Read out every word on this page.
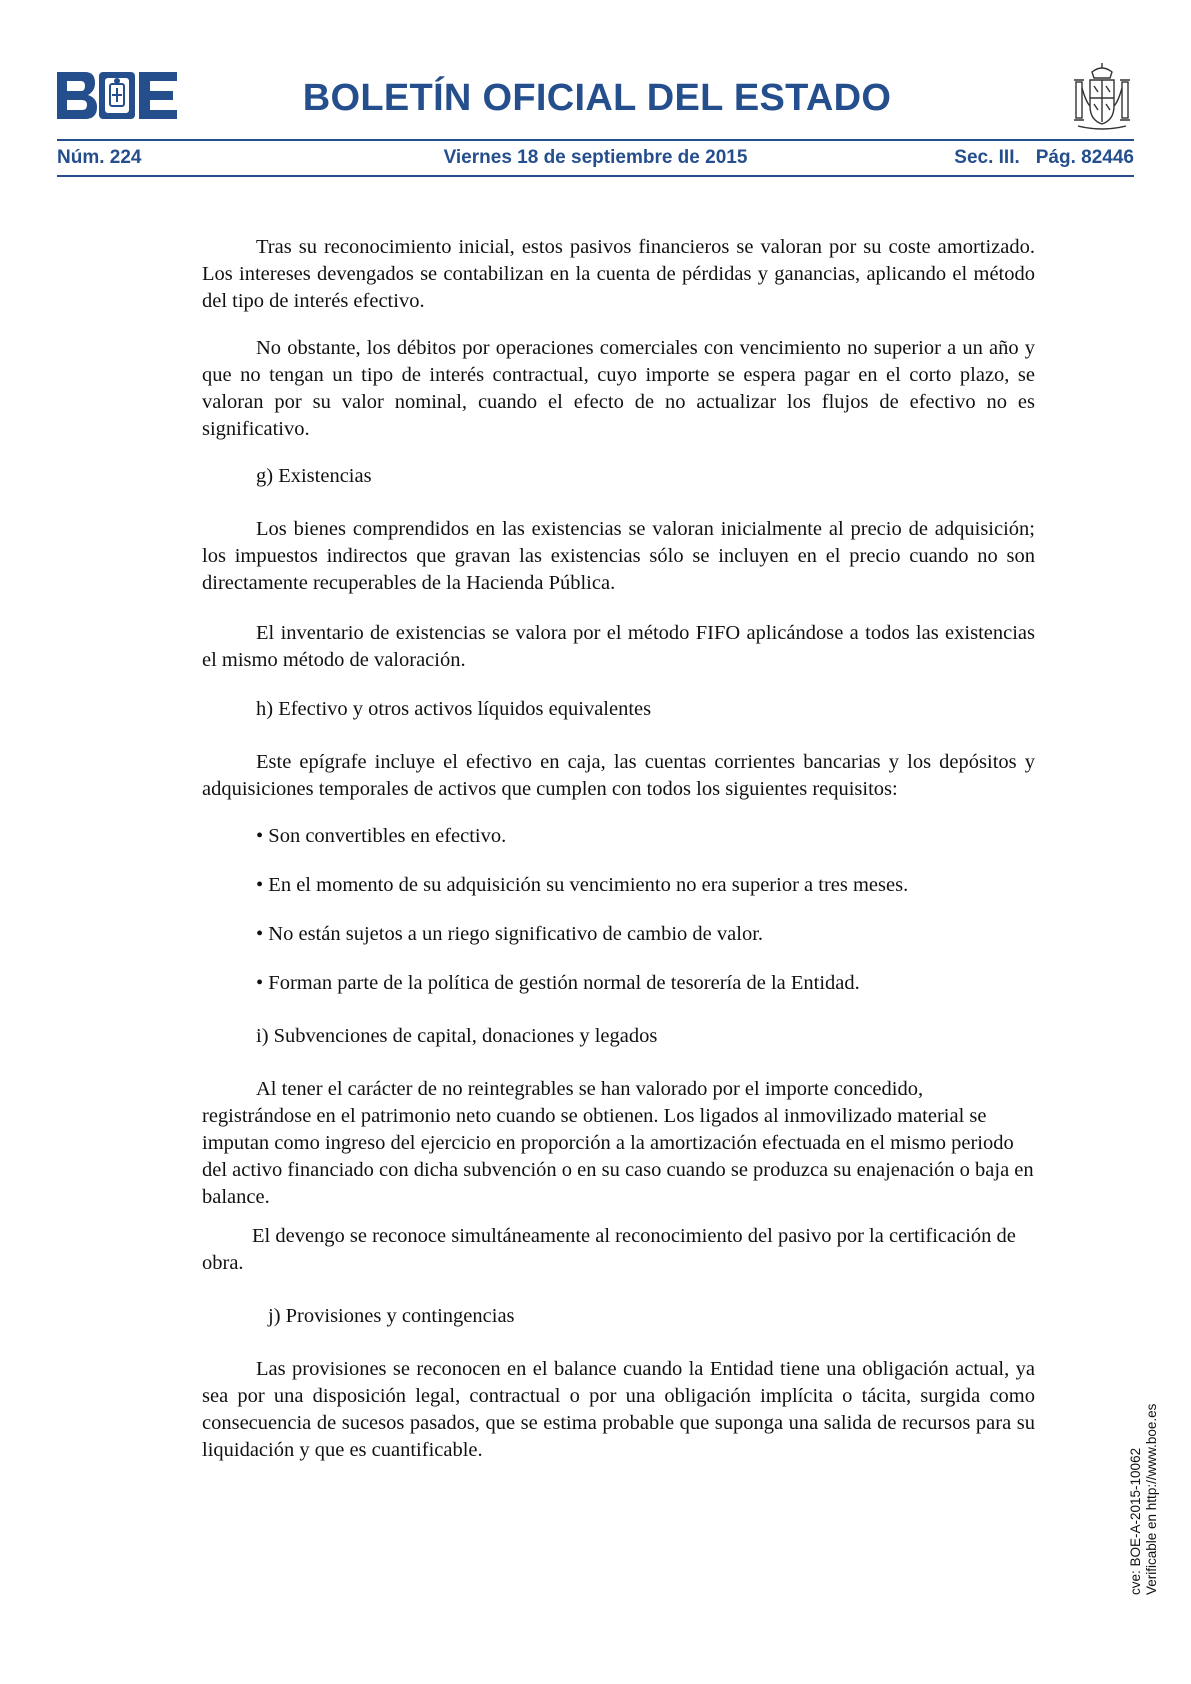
BOLETÍN OFICIAL DEL ESTADO
Núm. 224	Viernes 18 de septiembre de 2015	Sec. III. Pág. 82446

Tras su reconocimiento inicial, estos pasivos financieros se valoran por su coste amortizado. Los intereses devengados se contabilizan en la cuenta de pérdidas y ganancias, aplicando el método del tipo de interés efectivo.

No obstante, los débitos por operaciones comerciales con vencimiento no superior a un año y que no tengan un tipo de interés contractual, cuyo importe se espera pagar en el corto plazo, se valoran por su valor nominal, cuando el efecto de no actualizar los flujos de efectivo no es significativo.

g) Existencias

Los bienes comprendidos en las existencias se valoran inicialmente al precio de adquisición; los impuestos indirectos que gravan las existencias sólo se incluyen en el precio cuando no son directamente recuperables de la Hacienda Pública.

El inventario de existencias se valora por el método FIFO aplicándose a todos las existencias el mismo método de valoración.

h) Efectivo y otros activos líquidos equivalentes

Este epígrafe incluye el efectivo en caja, las cuentas corrientes bancarias y los depósitos y adquisiciones temporales de activos que cumplen con todos los siguientes requisitos:

• Son convertibles en efectivo.
• En el momento de su adquisición su vencimiento no era superior a tres meses.
• No están sujetos a un riego significativo de cambio de valor.
• Forman parte de la política de gestión normal de tesorería de la Entidad.
i) Subvenciones de capital, donaciones y legados

Al tener el carácter de no reintegrables se han valorado por el importe concedido, registrándose en el patrimonio neto cuando se obtienen. Los ligados al inmovilizado material se imputan como ingreso del ejercicio en proporción a la amortización efectuada en el mismo periodo del activo financiado con dicha subvención o en su caso cuando se produzca su enajenación o baja en balance.

El devengo se reconoce simultáneamente al reconocimiento del pasivo por la certificación de obra.

j) Provisiones y contingencias

Las provisiones se reconocen en el balance cuando la Entidad tiene una obligación actual, ya sea por una disposición legal, contractual o por una obligación implícita o tácita, surgida como consecuencia de sucesos pasados, que se estima probable que suponga una salida de recursos para su liquidación y que es cuantificable.	cve: BOE-A-2015-10062 Verificable en http://www.boe.es
